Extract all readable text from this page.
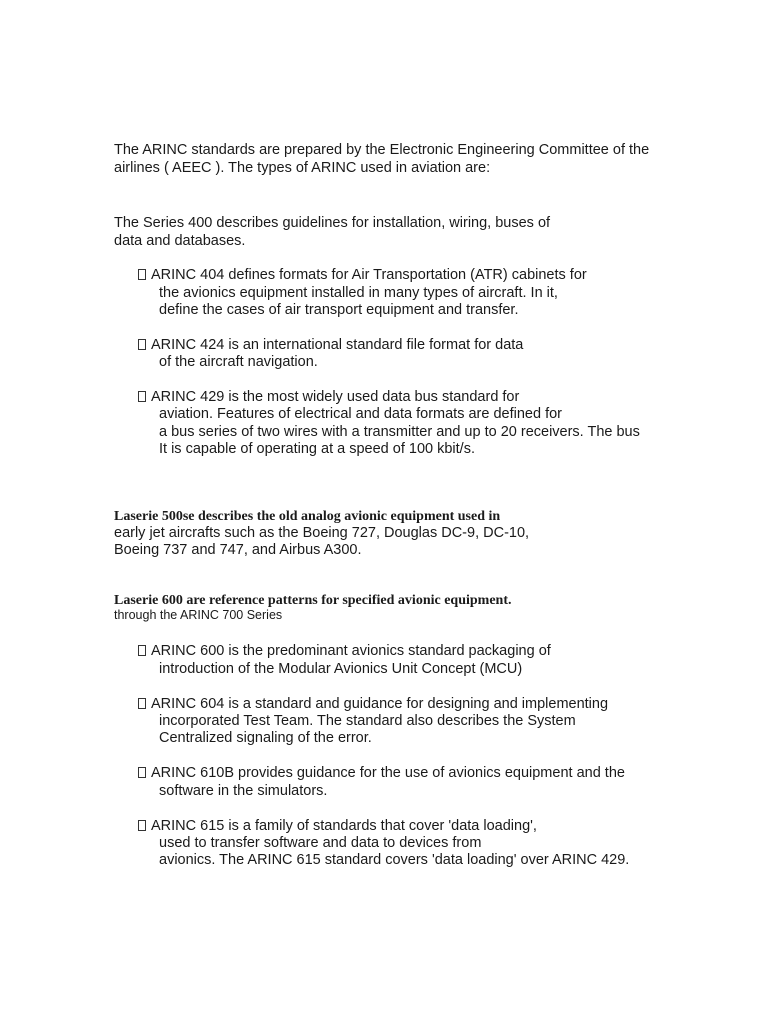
The ARINC standards are prepared by the Electronic Engineering Committee of the
airlines ( AEEC ). The types of ARINC used in aviation are:
The Series 400 describes guidelines for installation, wiring, buses of
data and databases.
ARINC 404 defines formats for Air Transportation (ATR) cabinets for
the avionics equipment installed in many types of aircraft. In it,
define the cases of air transport equipment and transfer.
ARINC 424 is an international standard file format for data
of the aircraft navigation.
ARINC 429 is the most widely used data bus standard for
aviation. Features of electrical and data formats are defined for
a bus series of two wires with a transmitter and up to 20 receivers. The bus
It is capable of operating at a speed of 100 kbit/s.
Laserie 500se describes the old analog avionic equipment used in
early jet aircrafts such as the Boeing 727, Douglas DC-9, DC-10,
Boeing 737 and 747, and Airbus A300.
Laserie 600 are reference patterns for specified avionic equipment.
through the ARINC 700 Series
ARINC 600 is the predominant avionics standard packaging of
introduction of the Modular Avionics Unit Concept (MCU)
ARINC 604 is a standard and guidance for designing and implementing
incorporated Test Team. The standard also describes the System
Centralized signaling of the error.
ARINC 610B provides guidance for the use of avionics equipment and the
software in the simulators.
ARINC 615 is a family of standards that cover 'data loading',
used to transfer software and data to devices from
avionics. The ARINC 615 standard covers 'data loading' over ARINC 429.
